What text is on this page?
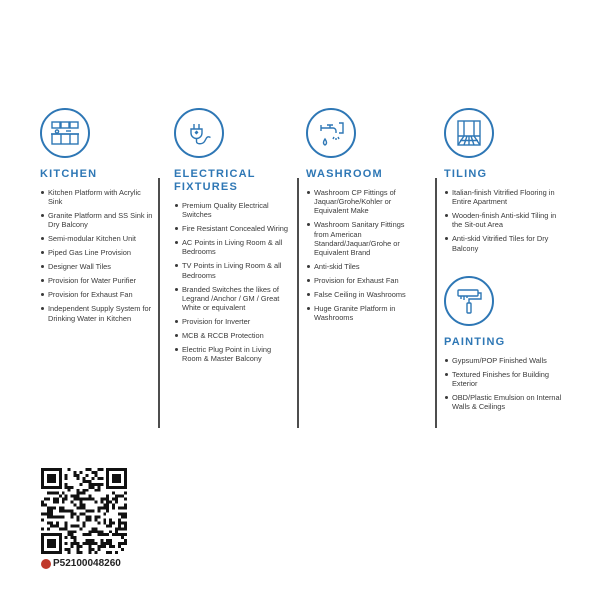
KITCHEN
Kitchen Platform with Acrylic Sink
Granite Platform and SS Sink in Dry Balcony
Semi-modular Kitchen Unit
Piped Gas Line Provision
Designer Wall Tiles
Provision for Water Purifier
Provision for Exhaust Fan
Independent Supply System for Drinking Water in Kitchen
ELECTRICAL
FIXTURES
Premium Quality Electrical Switches
Fire Resistant Concealed Wiring
AC Points in Living Room & all Bedrooms
TV Points in Living Room & all Bedrooms
Branded Switches the likes of Legrand /Anchor / GM / Great White or equivalent
Provision for Inverter
MCB & RCCB Protection
Electric Plug Point in Living Room & Master Balcony
WASHROOM
Washroom CP Fittings of Jaquar/Grohe/Kohler or Equivalent Make
Washroom Sanitary Fittings from American Standard/Jaquar/Grohe or Equivalent Brand
Anti-skid Tiles
Provision for Exhaust Fan
False Ceiling in Washrooms
Huge Granite Platform in Washrooms
TILING
Italian-finish Vitrified Flooring in Entire Apartment
Wooden-finish Anti-skid Tiling in the Sit-out Area
Anti-skid Vitrified Tiles for Dry Balcony
PAINTING
Gypsum/POP Finished Walls
Textured Finishes for Building Exterior
OBD/Plastic Emulsion on Internal Walls & Ceilings
P52100048260
